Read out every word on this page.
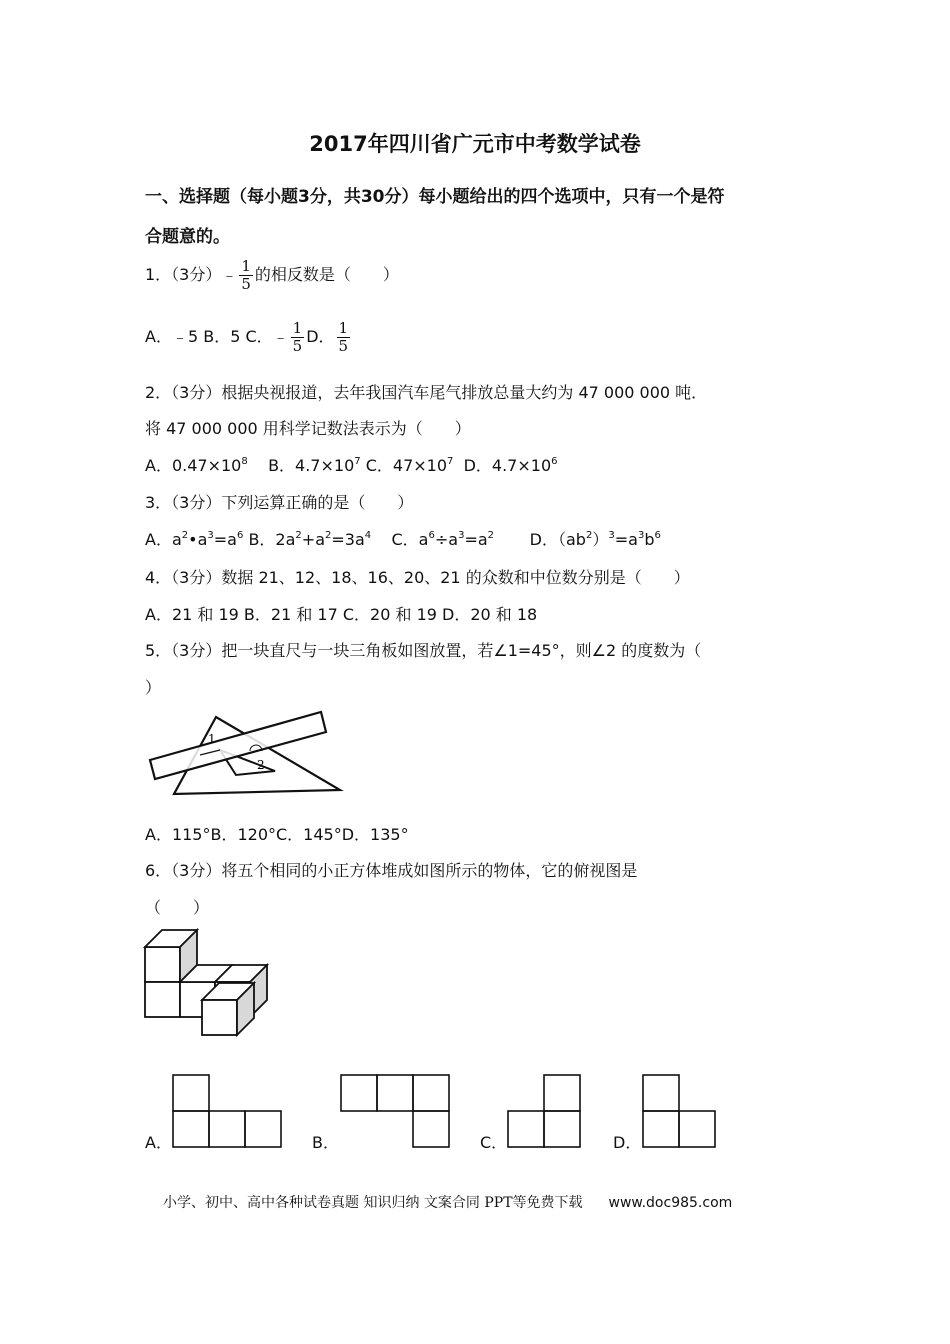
2017年四川省广元市中考数学试卷
一、选择题（每小题3分，共30分）每小题给出的四个选项中，只有一个是符
合题意的。
1．（3分）﹣ $\frac{1}{5}$ 的相反数是（　　）
A．﹣5 B．5 C．﹣ $\frac{1}{5}$ D． $\frac{1}{5}$
2．（3分）根据央视报道，去年我国汽车尾气排放总量大约为 47 000 000 吨．
将 47 000 000 用科学记数法表示为（　　）
A．$0.47\times 10^8$ B．$4.7\times 10^7$ C．$47\times 10^7$ D．$4.7\times 10^6$
3．（3分）下列运算正确的是（　　）
A．$a^2•a^3=a^6$ B．$2a^2+a^2=3a^4$ C．$a^6\div a^3=a^2$ D．$(ab^2)^3=a^3b^6$
4．（3分）数据 21、12、18、16、20、21 的众数和中位数分别是（　　）
A．21 和 19 B．21 和 17 C．20 和 19 D．20 和 18
5．（3分）把一块直尺与一块三角板如图放置，若∠1=45°，则∠2 的度数为（
）
1
2
A．115°B．120°C．145°D．135°
6．（3分）将五个相同的小正方体堆成如图所示的物体，它的俯视图是
（　　）
A．	B．	C．	D．
小学、初中、高中各种试卷真题 知识归纳 文案合同 PPT等免费下载 www.doc985.com
